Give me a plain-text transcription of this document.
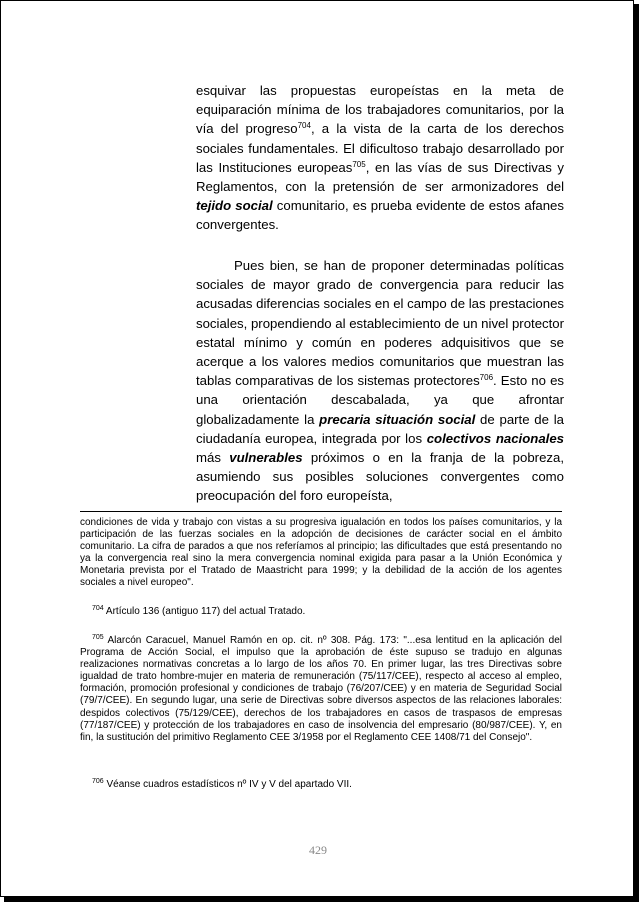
esquivar las propuestas europeístas en la meta de equiparación mínima de los trabajadores comunitarios, por la vía del progreso$^{704}$, a la vista de la carta de los derechos sociales fundamentales. El dificultoso trabajo desarrollado por las Instituciones europeas$^{705}$, en las vías de sus Directivas y Reglamentos, con la pretensión de ser armonizadores del tejido social comunitario, es prueba evidente de estos afanes convergentes.

Pues bien, se han de proponer determinadas políticas sociales de mayor grado de convergencia para reducir las acusadas diferencias sociales en el campo de las prestaciones sociales, propendiendo al establecimiento de un nivel protector estatal mínimo y común en poderes adquisitivos que se acerque a los valores medios comunitarios que muestran las tablas comparativas de los sistemas protectores$^{706}$. Esto no es una orientación descabalada, ya que afrontar globalizadamente la precaria situación social de parte de la ciudadanía europea, integrada por los colectivos nacionales más vulnerables próximos o en la franja de la pobreza, asumiendo sus posibles soluciones convergentes como preocupación del foro europeísta,

condiciones de vida y trabajo con vistas a su progresiva igualación en todos los países comunitarios, y la participación de las fuerzas sociales en la adopción de decisiones de carácter social en el ámbito comunitario. La cifra de parados a que nos referíamos al principio; las dificultades que está presentando no ya la convergencia real sino la mera convergencia nominal exigida para pasar a la Unión Económica y Monetaria prevista por el Tratado de Maastricht para 1999; y la debilidad de la acción de los agentes sociales a nivel europeo".

$^{704}$ Artículo 136 (antiguo 117) del actual Tratado.

$^{705}$ Alarcón Caracuel, Manuel Ramón en op. cit. nº 308. Pág. 173: "...esa lentitud en la aplicación del Programa de Acción Social, el impulso que la aprobación de éste supuso se tradujo en algunas realizaciones normativas concretas a lo largo de los años 70. En primer lugar, las tres Directivas sobre igualdad de trato hombre-mujer en materia de remuneración (75/117/CEE), respecto al acceso al empleo, formación, promoción profesional y condiciones de trabajo (76/207/CEE) y en materia de Seguridad Social (79/7/CEE). En segundo lugar, una serie de Directivas sobre diversos aspectos de las relaciones laborales: despidos colectivos (75/129/CEE), derechos de los trabajadores en casos de traspasos de empresas (77/187/CEE) y protección de los trabajadores en caso de insolvencia del empresario (80/987/CEE). Y, en fin, la sustitución del primitivo Reglamento CEE 3/1958 por el Reglamento CEE 1408/71 del Consejo".

$^{706}$ Véanse cuadros estadísticos nº IV y V del apartado VII.

429
